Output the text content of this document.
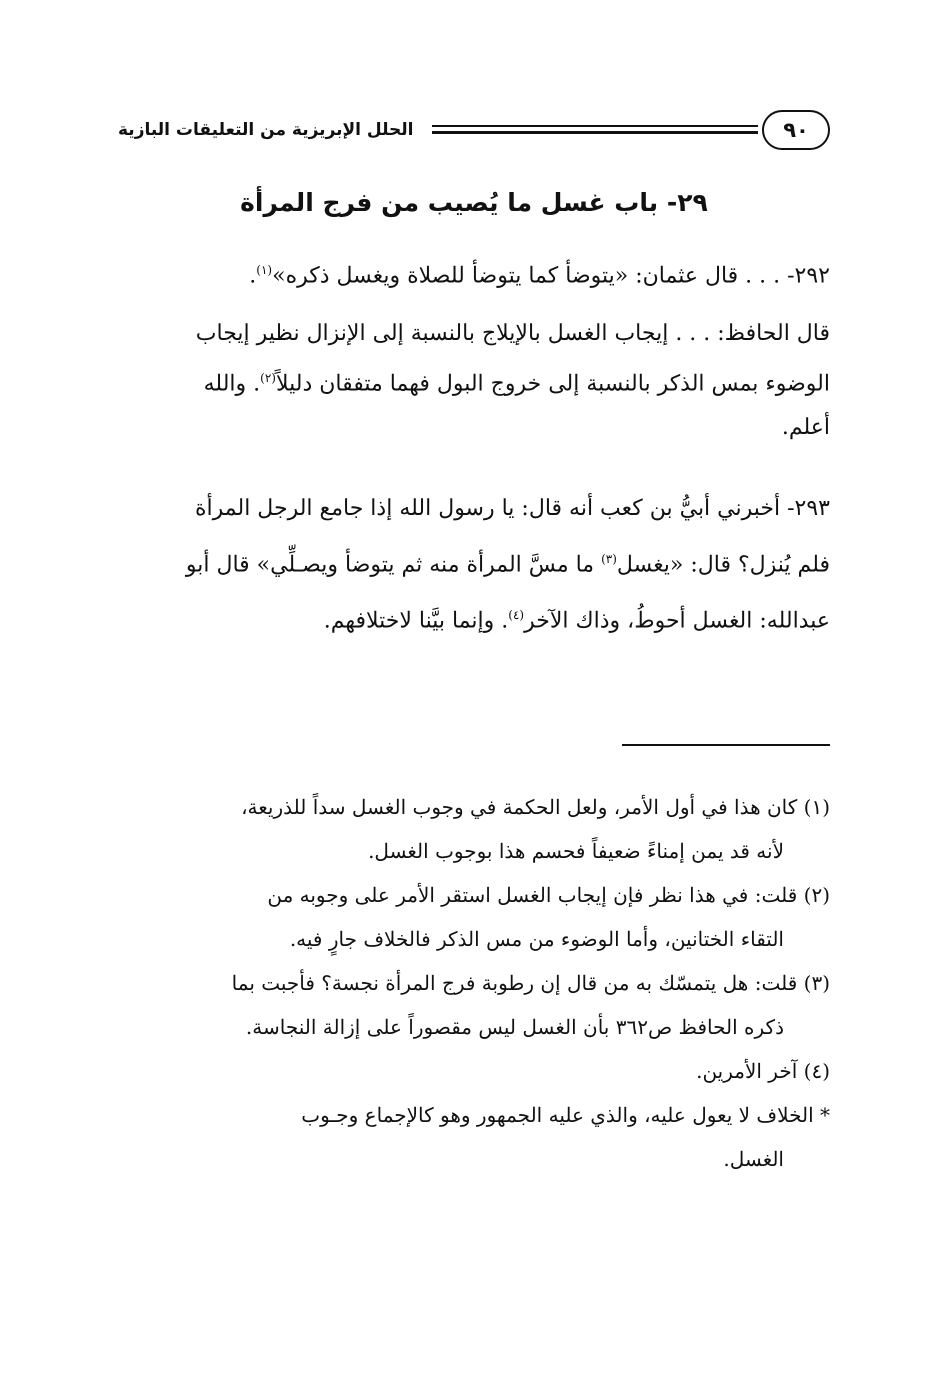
٩٠
الحلل الإبريزية من التعليقات البازية
٢٩- باب غسل ما يُصيب من فرج المرأة
٢٩٢- . . . قال عثمان: «يتوضأ كما يتوضأ للصلاة ويغسل ذكره»$^{(١)}$.
قال الحافظ: . . . إيجاب الغسل بالإيلاج بالنسبة إلى الإنزال نظير إيجاب
الوضوء بمس الذكر بالنسبة إلى خروج البول فهما متفقان دليلاً$^{(٢)}$. والله
أعلم.
٢٩٣- أخبرني أبيُّ بن كعب أنه قال: يا رسول الله إذا جامع الرجل المرأة
فلم يُنزل؟ قال: «يغسل$^{(٣)}$ ما مسَّ المرأة منه ثم يتوضأ ويصـلِّي» قال أبو
عبدالله: الغسل أحوطُ، وذاك الآخر$^{(٤)}$. وإنما بيَّنا لاختلافهم.
(١) كان هذا في أول الأمر، ولعل الحكمة في وجوب الغسل سداً للذريعة،
لأنه قد يمن إمناءً ضعيفاً فحسم هذا بوجوب الغسل.
(٢) قلت: في هذا نظر فإن إيجاب الغسل استقر الأمر على وجوبه من
التقاء الختانين، وأما الوضوء من مس الذكر فالخلاف جارٍ فيه.
(٣) قلت: هل يتمسّك به من قال إن رطوبة فرج المرأة نجسة؟ فأجبت بما
ذكره الحافظ ص٣٦٢ بأن الغسل ليس مقصوراً على إزالة النجاسة.
(٤) آخر الأمرين.
* الخلاف لا يعول عليه، والذي عليه الجمهور وهو كالإجماع وجـوب
الغسل.
